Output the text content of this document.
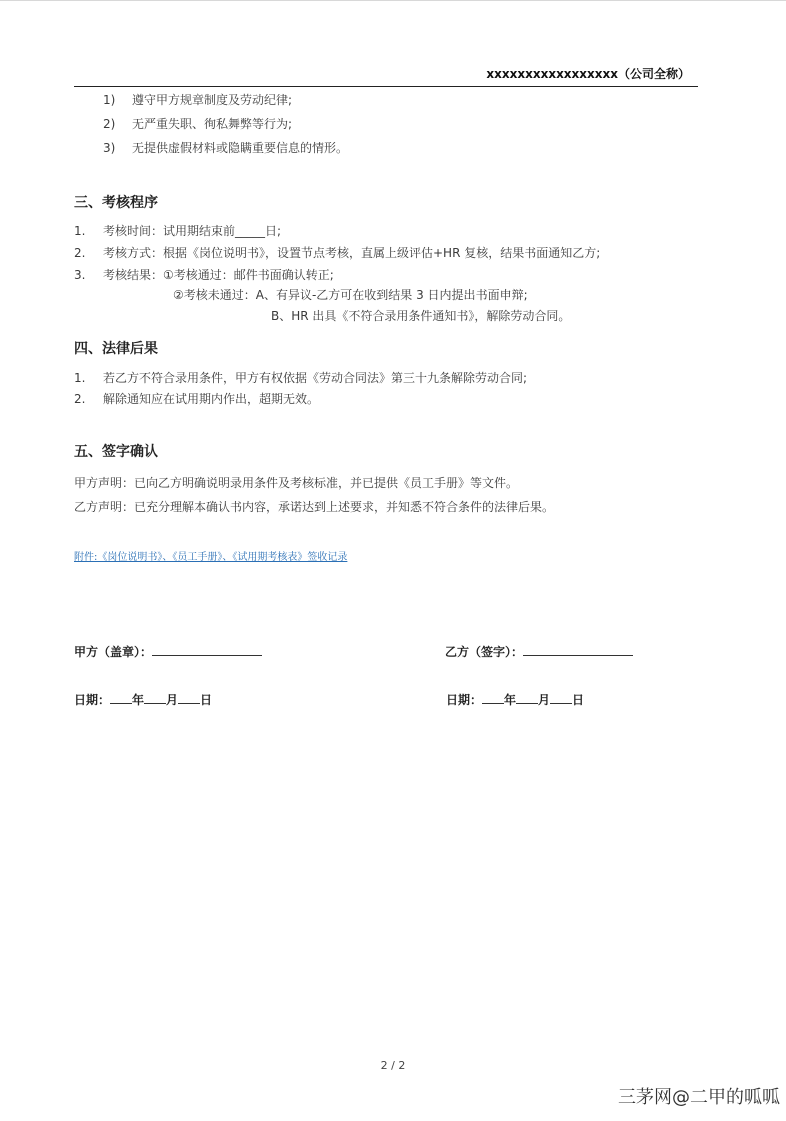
xxxxxxxxxxxxxxxxx（公司全称）
1) 遵守甲方规章制度及劳动纪律;
2) 无严重失职、徇私舞弊等行为;
3) 无提供虚假材料或隐瞒重要信息的情形。
三、考核程序
1. 考核时间：试用期结束前_____日;
2. 考核方式：根据《岗位说明书》，设置节点考核，直属上级评估+HR 复核，结果书面通知乙方;
3. 考核结果：①考核通过：邮件书面确认转正;
②考核未通过：A、有异议-乙方可在收到结果 3 日内提出书面申辩;
B、HR 出具《不符合录用条件通知书》，解除劳动合同。
四、法律后果
1. 若乙方不符合录用条件，甲方有权依据《劳动合同法》第三十九条解除劳动合同;
2. 解除通知应在试用期内作出，超期无效。
五、签字确认
甲方声明：已向乙方明确说明录用条件及考核标准，并已提供《员工手册》等文件。
乙方声明：已充分理解本确认书内容，承诺达到上述要求，并知悉不符合条件的法律后果。
附件:《岗位说明书》、《员工手册》、《试用期考核表》签收记录
甲方（盖章）：	乙方（签字）：
日期： 年 月 日	日期： 年 月 日
2 / 2
三茅网@二甲的呱呱
